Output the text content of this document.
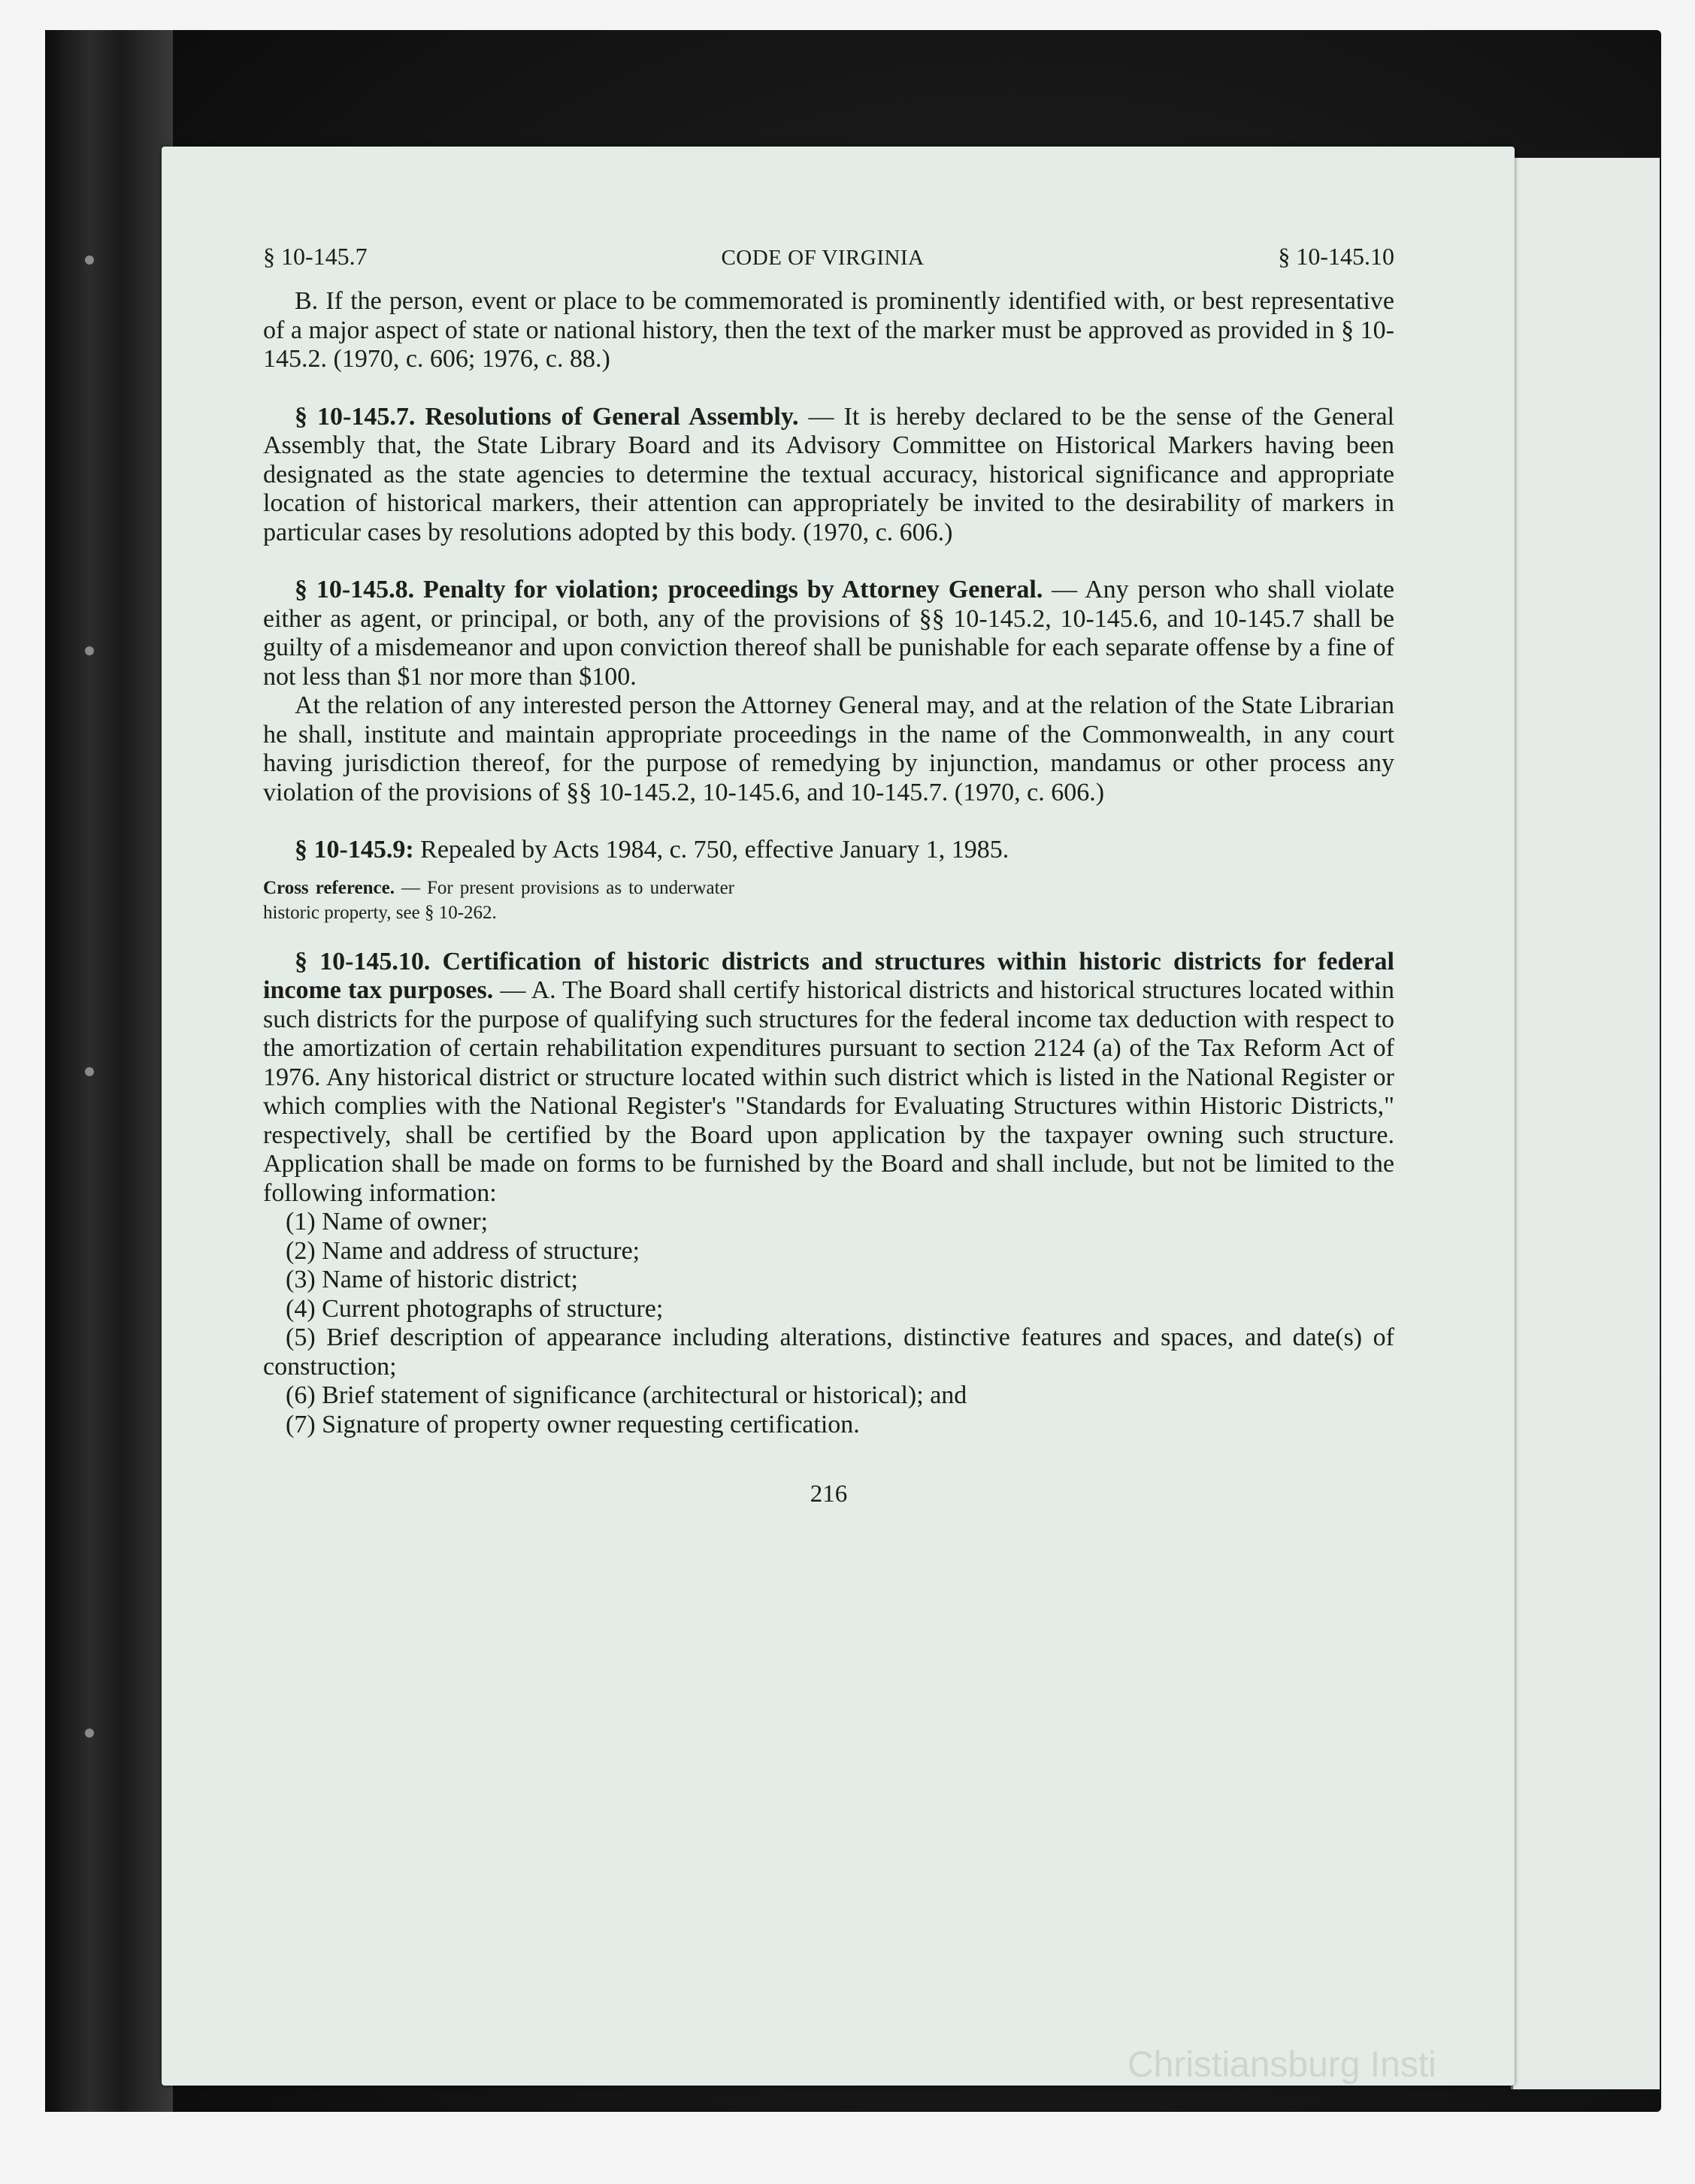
§ 10-145.7	CODE OF VIRGINIA	§ 10-145.10

B. If the person, event or place to be commemorated is prominently identified with, or best representative of a major aspect of state or national history, then the text of the marker must be approved as provided in § 10-145.2. (1970, c. 606; 1976, c. 88.)

§ 10-145.7. Resolutions of General Assembly. — It is hereby declared to be the sense of the General Assembly that, the State Library Board and its Advisory Committee on Historical Markers having been designated as the state agencies to determine the textual accuracy, historical significance and appropriate location of historical markers, their attention can appropriately be invited to the desirability of markers in particular cases by resolutions adopted by this body. (1970, c. 606.)

§ 10-145.8. Penalty for violation; proceedings by Attorney General. — Any person who shall violate either as agent, or principal, or both, any of the provisions of §§ 10-145.2, 10-145.6, and 10-145.7 shall be guilty of a misdemeanor and upon conviction thereof shall be punishable for each separate offense by a fine of not less than $1 nor more than $100.

At the relation of any interested person the Attorney General may, and at the relation of the State Librarian he shall, institute and maintain appropriate proceedings in the name of the Commonwealth, in any court having jurisdiction thereof, for the purpose of remedying by injunction, mandamus or other process any violation of the provisions of §§ 10-145.2, 10-145.6, and 10-145.7. (1970, c. 606.)

§ 10-145.9: Repealed by Acts 1984, c. 750, effective January 1, 1985.

Cross reference. — For present provisions as to underwater historic property, see § 10-262.

§ 10-145.10. Certification of historic districts and structures within historic districts for federal income tax purposes. — A. The Board shall certify historical districts and historical structures located within such districts for the purpose of qualifying such structures for the federal income tax deduction with respect to the amortization of certain rehabilitation expenditures pursuant to section 2124 (a) of the Tax Reform Act of 1976. Any historical district or structure located within such district which is listed in the National Register or which complies with the National Register's "Standards for Evaluating Structures within Historic Districts," respectively, shall be certified by the Board upon application by the taxpayer owning such structure. Application shall be made on forms to be furnished by the Board and shall include, but not be limited to the following information:

(1) Name of owner;
(2) Name and address of structure;
(3) Name of historic district;
(4) Current photographs of structure;
(5) Brief description of appearance including alterations, distinctive features and spaces, and date(s) of construction;
(6) Brief statement of significance (architectural or historical); and
(7) Signature of property owner requesting certification.
216
Christiansburg Insti
